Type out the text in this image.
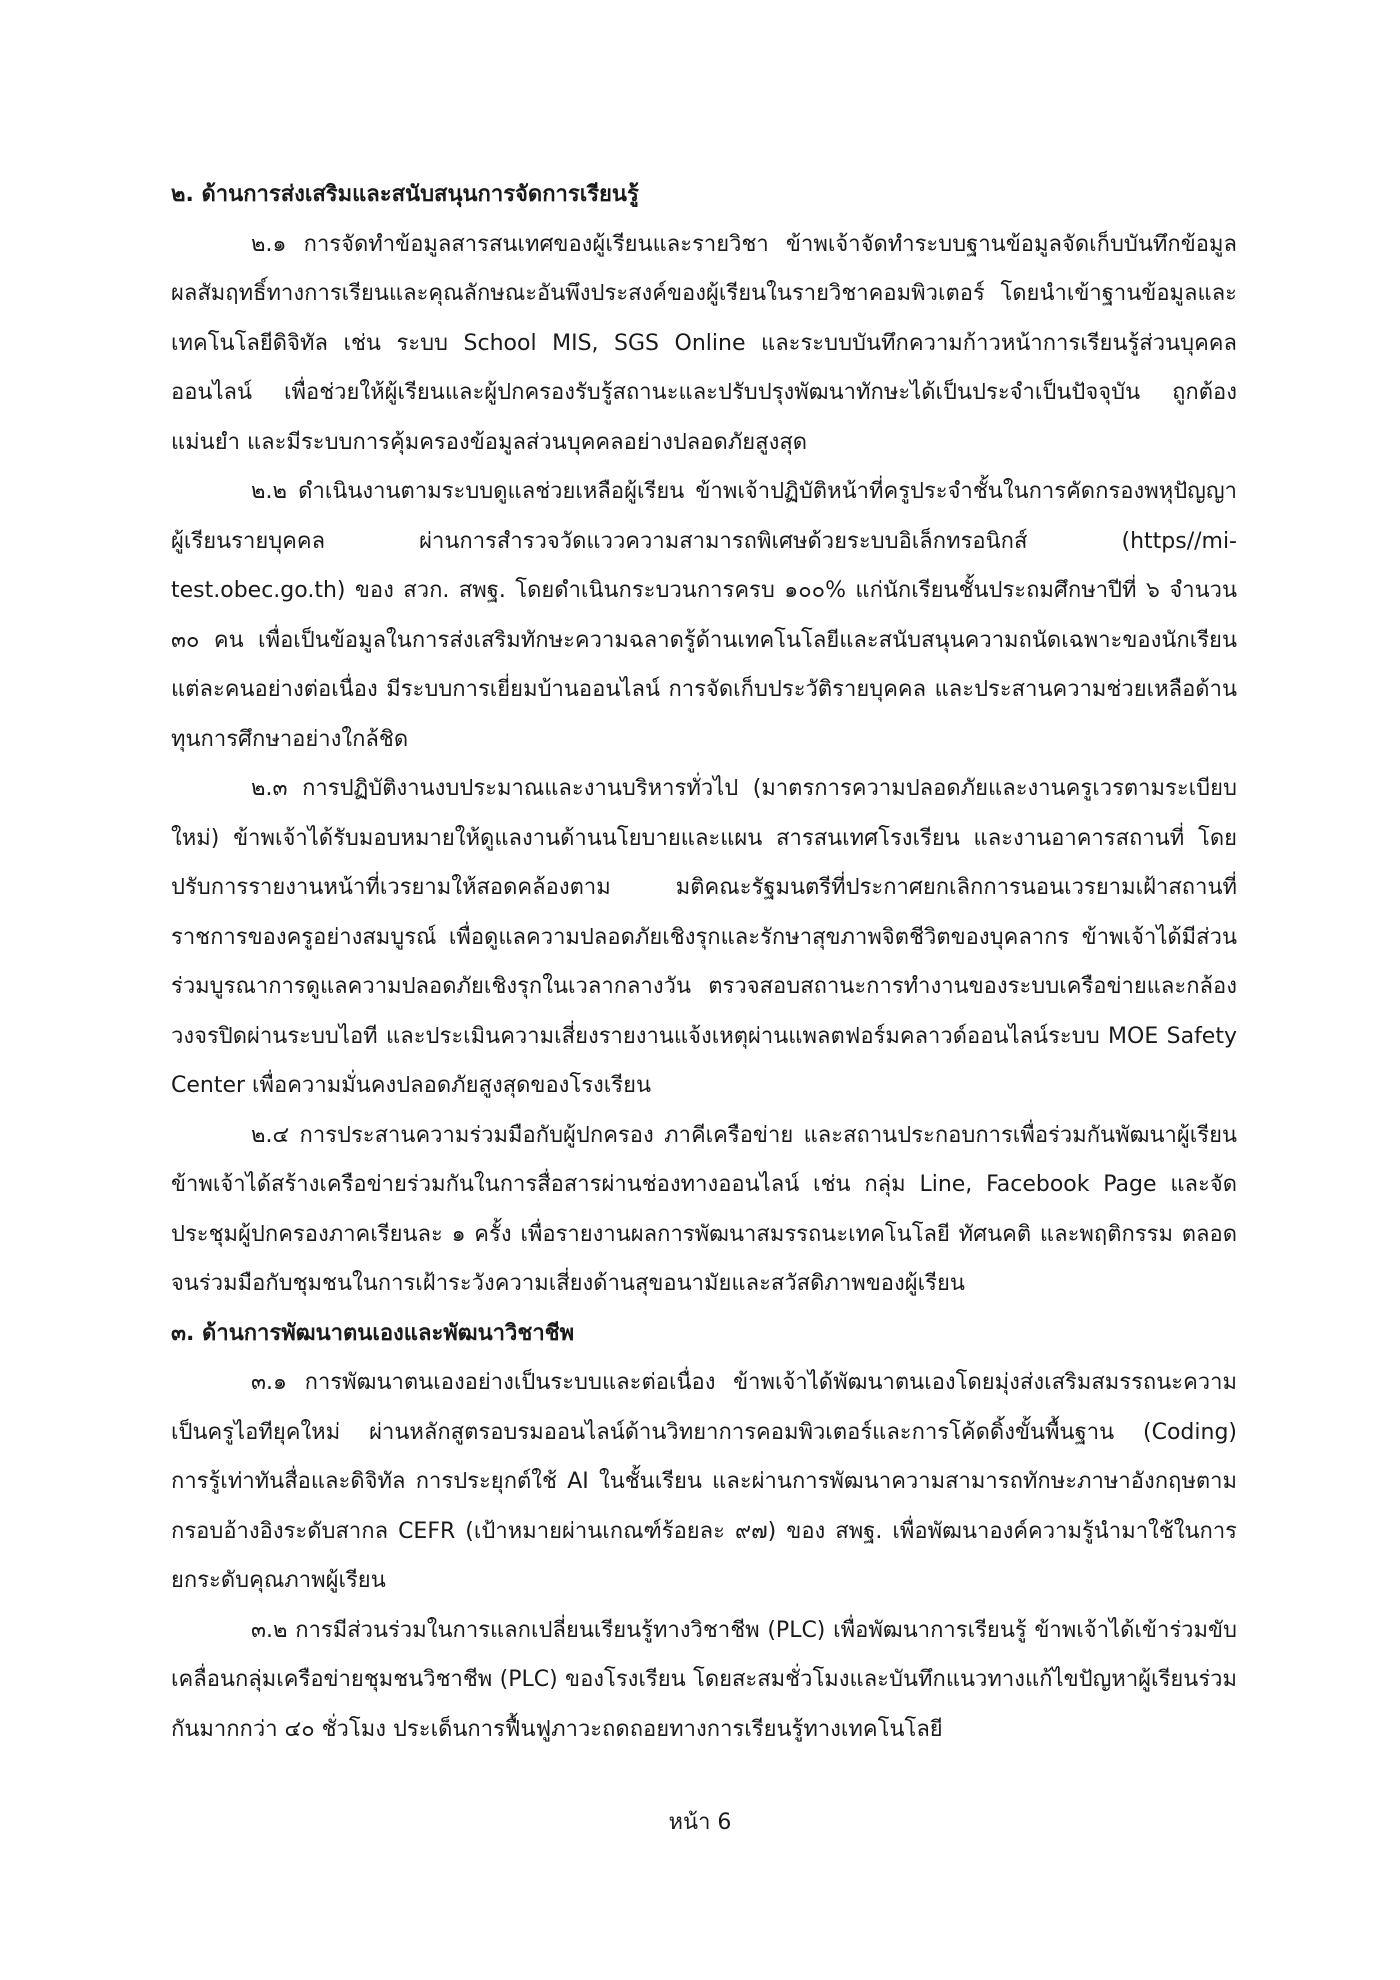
๒. ด้านการส่งเสริมและสนับสนุนการจัดการเรียนรู้

๒.๑ การจัดทำข้อมูลสารสนเทศของผู้เรียนและรายวิชา ข้าพเจ้าจัดทำระบบฐานข้อมูลจัดเก็บบันทึกข้อมูลผลสัมฤทธิ์ทางการเรียนและคุณลักษณะอันพึงประสงค์ของผู้เรียนในรายวิชาคอมพิวเตอร์ โดยนำเข้าฐานข้อมูลและเทคโนโลยีดิจิทัล เช่น ระบบ School MIS, SGS Online และระบบบันทึกความก้าวหน้าการเรียนรู้ส่วนบุคคลออนไลน์ เพื่อช่วยให้ผู้เรียนและผู้ปกครองรับรู้สถานะและปรับปรุงพัฒนาทักษะได้เป็นประจำเป็นปัจจุบัน ถูกต้อง แม่นยำ และมีระบบการคุ้มครองข้อมูลส่วนบุคคลอย่างปลอดภัยสูงสุด

๒.๒ ดำเนินงานตามระบบดูแลช่วยเหลือผู้เรียน ข้าพเจ้าปฏิบัติหน้าที่ครูประจำชั้นในการคัดกรองพหุปัญญาผู้เรียนรายบุคคล ผ่านการสำรวจวัดแววความสามารถพิเศษด้วยระบบอิเล็กทรอนิกส์ (https//mi-test.obec.go.th) ของ สวก. สพฐ. โดยดำเนินกระบวนการครบ ๑๐๐% แก่นักเรียนชั้นประถมศึกษาปีที่ ๖ จำนวน ๓๐ คน เพื่อเป็นข้อมูลในการส่งเสริมทักษะความฉลาดรู้ด้านเทคโนโลยีและสนับสนุนความถนัดเฉพาะของนักเรียนแต่ละคนอย่างต่อเนื่อง มีระบบการเยี่ยมบ้านออนไลน์ การจัดเก็บประวัติรายบุคคล และประสานความช่วยเหลือด้านทุนการศึกษาอย่างใกล้ชิด

๒.๓ การปฏิบัติงานงบประมาณและงานบริหารทั่วไป (มาตรการความปลอดภัยและงานครูเวรตามระเบียบใหม่) ข้าพเจ้าได้รับมอบหมายให้ดูแลงานด้านนโยบายและแผน สารสนเทศโรงเรียน และงานอาคารสถานที่ โดยปรับการรายงานหน้าที่เวรยามให้สอดคล้องตาม มติคณะรัฐมนตรีที่ประกาศยกเลิกการนอนเวรยามเฝ้าสถานที่ราชการของครูอย่างสมบูรณ์ เพื่อดูแลความปลอดภัยเชิงรุกและรักษาสุขภาพจิตชีวิตของบุคลากร ข้าพเจ้าได้มีส่วนร่วมบูรณาการดูแลความปลอดภัยเชิงรุกในเวลากลางวัน ตรวจสอบสถานะการทำงานของระบบเครือข่ายและกล้องวงจรปิดผ่านระบบไอที และประเมินความเสี่ยงรายงานแจ้งเหตุผ่านแพลตฟอร์มคลาวด์ออนไลน์ระบบ MOE Safety Center เพื่อความมั่นคงปลอดภัยสูงสุดของโรงเรียน

๒.๔ การประสานความร่วมมือกับผู้ปกครอง ภาคีเครือข่าย และสถานประกอบการเพื่อร่วมกันพัฒนาผู้เรียน ข้าพเจ้าได้สร้างเครือข่ายร่วมกันในการสื่อสารผ่านช่องทางออนไลน์ เช่น กลุ่ม Line, Facebook Page และจัดประชุมผู้ปกครองภาคเรียนละ ๑ ครั้ง เพื่อรายงานผลการพัฒนาสมรรถนะเทคโนโลยี ทัศนคติ และพฤติกรรม ตลอดจนร่วมมือกับชุมชนในการเฝ้าระวังความเสี่ยงด้านสุขอนามัยและสวัสดิภาพของผู้เรียน

๓. ด้านการพัฒนาตนเองและพัฒนาวิชาชีพ

๓.๑ การพัฒนาตนเองอย่างเป็นระบบและต่อเนื่อง ข้าพเจ้าได้พัฒนาตนเองโดยมุ่งส่งเสริมสมรรถนะความเป็นครูไอทียุคใหม่ ผ่านหลักสูตรอบรมออนไลน์ด้านวิทยาการคอมพิวเตอร์และการโค้ดดิ้งขั้นพื้นฐาน (Coding) การรู้เท่าทันสื่อและดิจิทัล การประยุกต์ใช้ AI ในชั้นเรียน และผ่านการพัฒนาความสามารถทักษะภาษาอังกฤษตามกรอบอ้างอิงระดับสากล CEFR (เป้าหมายผ่านเกณฑ์ร้อยละ ๙๗) ของ สพฐ. เพื่อพัฒนาองค์ความรู้นำมาใช้ในการยกระดับคุณภาพผู้เรียน

๓.๒ การมีส่วนร่วมในการแลกเปลี่ยนเรียนรู้ทางวิชาชีพ (PLC) เพื่อพัฒนาการเรียนรู้ ข้าพเจ้าได้เข้าร่วมขับเคลื่อนกลุ่มเครือข่ายชุมชนวิชาชีพ (PLC) ของโรงเรียน โดยสะสมชั่วโมงและบันทึกแนวทางแก้ไขปัญหาผู้เรียนร่วมกันมากกว่า ๔๐ ชั่วโมง ประเด็นการฟื้นฟูภาวะถดถอยทางการเรียนรู้ทางเทคโนโลยี

หน้า 6
